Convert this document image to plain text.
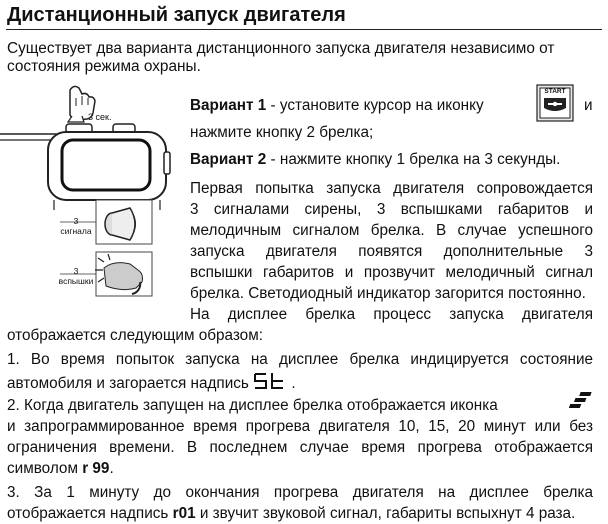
Дистанционный запуск двигателя
Существует два варианта дистанционного запуска двигателя независимо от
состояния режима охраны.
3 сек.
3
сигнала
3
вспышки
Вариант 1 - установите курсор на иконку
START
и
нажмите кнопку 2 брелка;
Вариант 2 - нажмите кнопку 1 брелка на 3 секунды.
Первая попытка запуска двигателя сопровождается
3 сигналами сирены, 3 вспышками габаритов и
мелодичным сигналом брелка. В случае успешного
запуска двигателя появятся дополнительные 3
вспышки габаритов и прозвучит мелодичный сигнал
брелка. Светодиодный индикатор загорится постоянно.
На дисплее брелка процесс запуска двигателя
отображается следующим образом:
1. Во время попыток запуска на дисплее брелка индицируется состояние
автомобиля и загорается надпись	.
2. Когда двигатель запущен на дисплее брелка отображается иконка
и запрограммированное время прогрева двигателя 10, 15, 20 минут или без
ограничения времени. В последнем случае время прогрева отображается
символом r 99.
3. За 1 минуту до окончания прогрева двигателя на дисплее брелка
отображается надпись r01 и звучит звуковой сигнал, габариты вспыхнут 4 раза.
